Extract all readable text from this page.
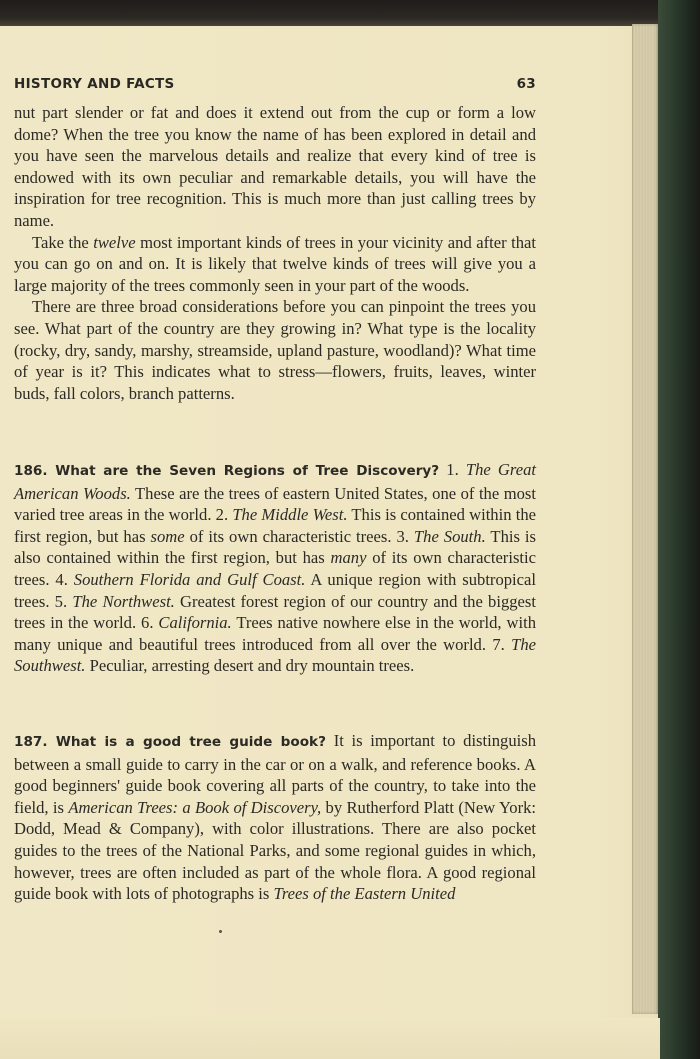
HISTORY AND FACTS	63

nut part slender or fat and does it extend out from the cup or form a low dome? When the tree you know the name of has been explored in detail and you have seen the marvelous details and realize that every kind of tree is endowed with its own peculiar and remarkable details, you will have the inspiration for tree recognition. This is much more than just calling trees by name.

Take the twelve most important kinds of trees in your vicinity and after that you can go on and on. It is likely that twelve kinds of trees will give you a large majority of the trees commonly seen in your part of the woods.

There are three broad considerations before you can pinpoint the trees you see. What part of the country are they growing in? What type is the locality (rocky, dry, sandy, marshy, streamside, upland pasture, woodland)? What time of year is it? This indicates what to stress—flowers, fruits, leaves, winter buds, fall colors, branch patterns.

186. What are the Seven Regions of Tree Discovery? 1. The Great American Woods. These are the trees of eastern United States, one of the most varied tree areas in the world. 2. The Middle West. This is contained within the first region, but has some of its own characteristic trees. 3. The South. This is also contained within the first region, but has many of its own characteristic trees. 4. Southern Florida and Gulf Coast. A unique region with subtropical trees. 5. The Northwest. Greatest forest region of our country and the biggest trees in the world. 6. California. Trees native nowhere else in the world, with many unique and beautiful trees introduced from all over the world. 7. The Southwest. Peculiar, arresting desert and dry mountain trees.

187. What is a good tree guide book? It is important to distinguish between a small guide to carry in the car or on a walk, and reference books. A good beginners' guide book covering all parts of the country, to take into the field, is American Trees: a Book of Discovery, by Rutherford Platt (New York: Dodd, Mead & Company), with color illustrations. There are also pocket guides to the trees of the National Parks, and some regional guides in which, however, trees are often included as part of the whole flora. A good regional guide book with lots of photographs is Trees of the Eastern United
